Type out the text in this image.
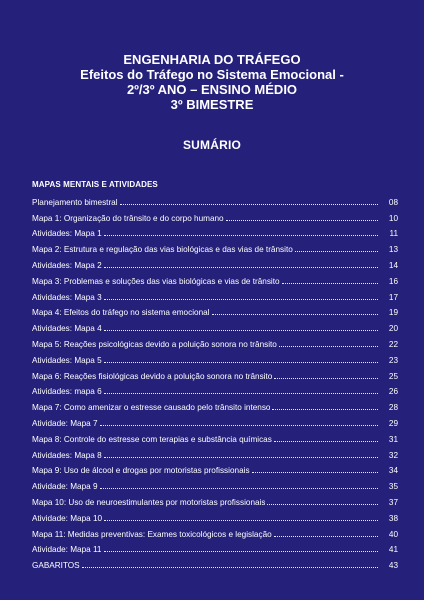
ENGENHARIA DO TRÁFEGO
Efeitos do Tráfego no Sistema Emocional -
2º/3º ANO – ENSINO MÉDIO
3º BIMESTRE
SUMÁRIO
MAPAS MENTAIS E ATIVIDADES
Planejamento bimestral	08
Mapa 1: Organização do trânsito e do corpo humano	10
Atividades: Mapa 1	11
Mapa 2: Estrutura e regulação das vias biológicas e das vias de trânsito	13
Atividades: Mapa 2	14
Mapa 3: Problemas e soluções das vias biológicas e vias de trânsito	16
Atividades: Mapa 3	17
Mapa 4: Efeitos do tráfego no sistema emocional	19
Atividades: Mapa 4	20
Mapa 5: Reações psicológicas devido a poluição sonora no trânsito	22
Atividades: Mapa 5	23
Mapa 6: Reações fisiológicas devido a poluição sonora no trânsito	25
Atividades: mapa 6	26
Mapa 7: Como amenizar o estresse causado pelo trânsito intenso	28
Atividade: Mapa 7	29
Mapa 8: Controle do estresse com terapias e substância químicas	31
Atividades: Mapa 8	32
Mapa 9: Uso de álcool e drogas por motoristas profissionais	34
Atividade: Mapa 9	35
Mapa 10: Uso de neuroestimulantes por motoristas profissionais	37
Atividade: Mapa 10	38
Mapa 11: Medidas preventivas: Exames toxicológicos e legislação	40
Atividade: Mapa 11	41
GABARITOS	43
